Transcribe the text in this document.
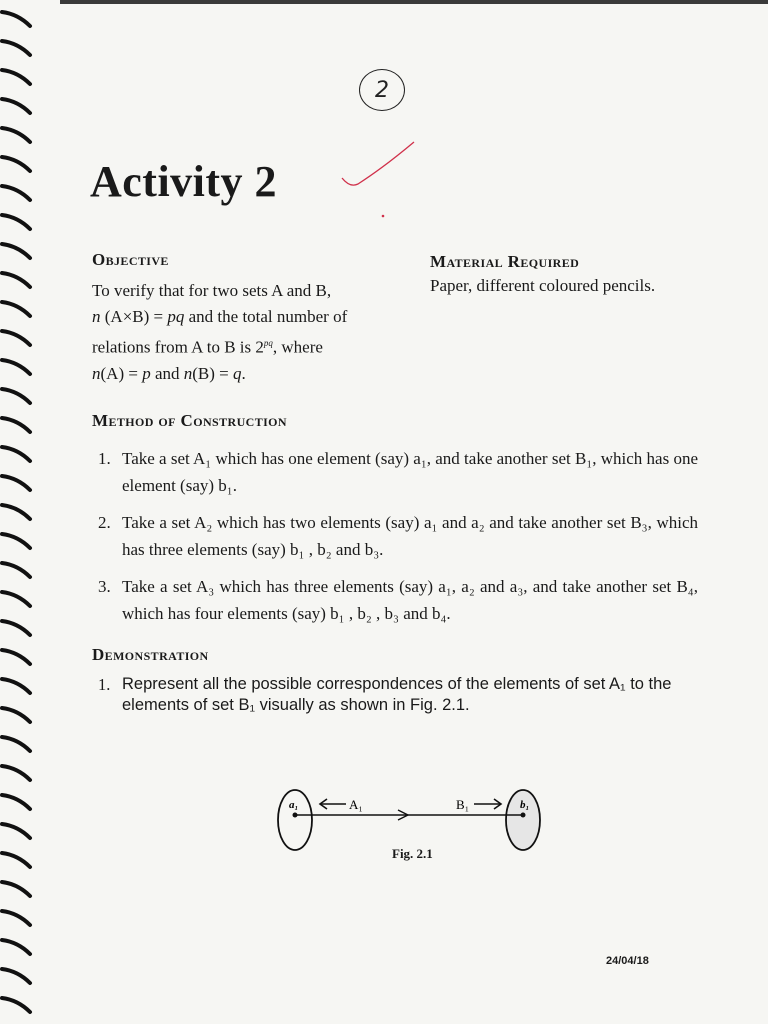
2
Activity 2
Objective
To verify that for two sets A and B,
n (A×B) = pq and the total number of
relations from A to B is $2^{pq}$, where
n(A) = p and n(B) = q.
Material Required
Paper, different coloured pencils.
Method of Construction
1. Take a set A₁ which has one element (say) a₁, and take another set B₁, which has one element (say) b₁.
2. Take a set A₂ which has two elements (say) a₁ and a₂ and take another set B₃, which has three elements (say) b₁ , b₂ and b₃.
3. Take a set A₃ which has three elements (say) a₁, a₂ and a₃, and take another set B₄, which has four elements (say) b₁ , b₂ , b₃ and b₄.
Demonstration
1. Represent all the possible correspondences of the elements of set A₁ to the elements of set B₁ visually as shown in Fig. 2.1.
a₁	b₁
A₁	B₁
Fig. 2.1
24/04/18
